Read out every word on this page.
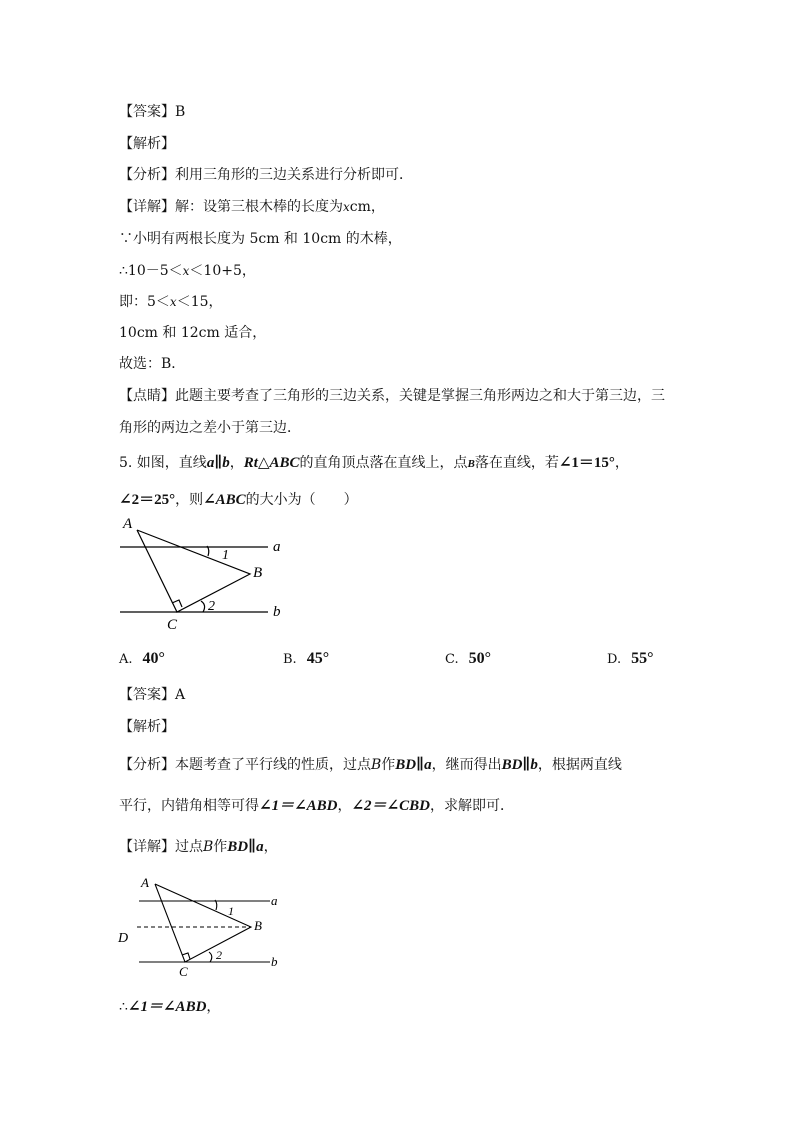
【答案】B
【解析】
【分析】利用三角形的三边关系进行分析即可．
【详解】解：设第三根木棒的长度为xcm，
∵小明有两根长度为 5cm 和 10cm 的木棒，
∴10－5＜x＜10+5，
即：5＜x＜15，
10cm 和 12cm 适合，
故选：B．
【点睛】此题主要考查了三角形的三边关系，关键是掌握三角形两边之和大于第三边，三
角形的两边之差小于第三边．
5. 如图，直线a∥b，Rt△ABC的直角顶点落在直线上，点B落在直线，若∠1＝15°，
∠2＝25°，则∠ABC的大小为（　　）
A
B
C
a
b
1
2
A. 40°	B. 45°	C. 50°	D. 55°
【答案】A
【解析】
【分析】本题考查了平行线的性质，过点B作BD∥a，继而得出BD∥b，根据两直线
平行，内错角相等可得∠1＝∠ABD，∠2＝∠CBD，求解即可．
【详解】过点B作BD∥a，
A
B
C
D
a
b
1
2
∴∠1＝∠ABD，
